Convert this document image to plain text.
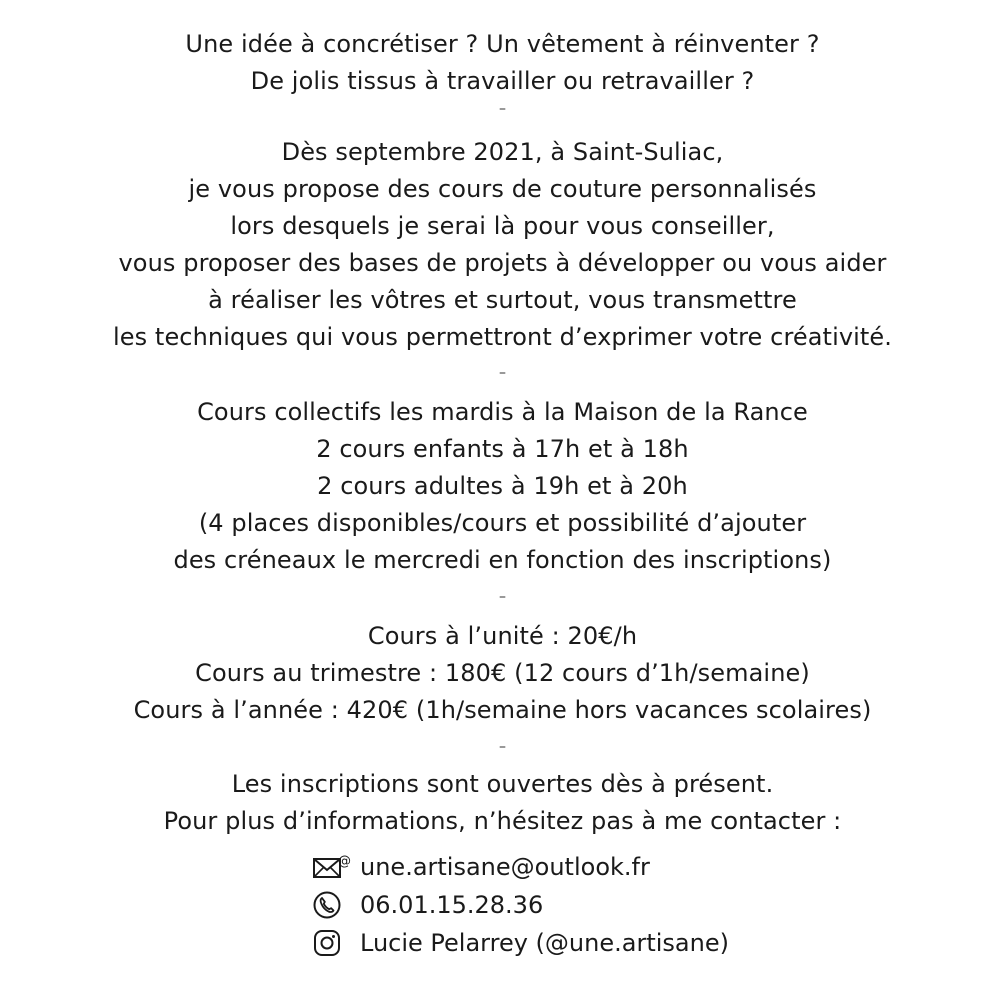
Une idée à concrétiser ? Un vêtement à réinventer ?
De jolis tissus à travailler ou retravailler ?
–
Dès septembre 2021, à Saint-Suliac,
je vous propose des cours de couture personnalisés
lors desquels je serai là pour vous conseiller,
vous proposer des bases de projets à développer ou vous aider
à réaliser les vôtres et surtout, vous transmettre
les techniques qui vous permettront d’exprimer votre créativité.
–
Cours collectifs les mardis à la Maison de la Rance
2 cours enfants à 17h et à 18h
2 cours adultes à 19h et à 20h
(4 places disponibles/cours et possibilité d’ajouter
des créneaux le mercredi en fonction des inscriptions)
–
Cours à l’unité : 20€/h
Cours au trimestre : 180€ (12 cours d’1h/semaine)
Cours à l’année : 420€ (1h/semaine hors vacances scolaires)
–
Les inscriptions sont ouvertes dès à présent.
Pour plus d’informations, n’hésitez pas à me contacter :
@ une.artisane@outlook.fr
06.01.15.28.36
Lucie Pelarrey (@une.artisane)
